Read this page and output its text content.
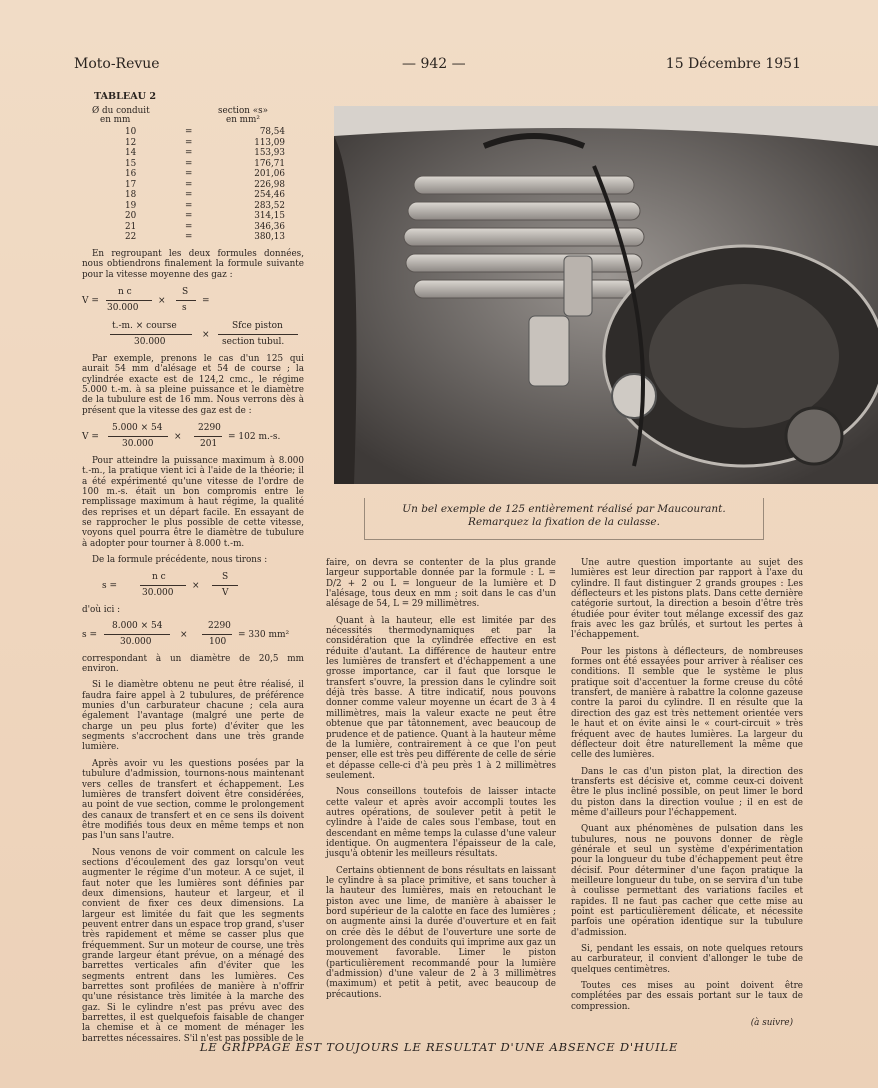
Moto-Revue	— 942 —	15 Décembre 1951
TABLEAU 2
Ø du conduit
en mm
section «s»
en mm²
10	=	78,54
12	=	113,09
14	=	153,93
15	=	176,71
16	=	201,06
17	=	226,98
18	=	254,46
19	=	283,52
20	=	314,15
21	=	346,36
22	=	380,13

En regroupant les deux formules données, nous obtiendrons finalement la formule suivante pour la vitesse moyenne des gaz :

V =
n c
30.000
×
S
s
=
t.-m. × course
30.000
×
Sfce piston
section tubul.

Par exemple, prenons le cas d'un 125 qui aurait 54 mm d'alésage et 54 de course ; la cylindrée exacte est de 124,2 cmc., le régime 5.000 t.-m. à sa pleine puissance et le diamètre de la tubulure est de 16 mm. Nous verrons dès à présent que la vitesse des gaz est de :

V =
5.000 × 54
30.000
×
2290
201
= 102 m.-s.

Pour atteindre la puissance maximum à 8.000 t.-m., la pratique vient ici à l'aide de la théorie; il a été expérimenté qu'une vitesse de l'ordre de 100 m.-s. était un bon compromis entre le remplissage maximum à haut régime, la qualité des reprises et un départ facile. En essayant de se rapprocher le plus possible de cette vitesse, voyons quel pourra être le diamètre de tubulure à adopter pour tourner à 8.000 t.-m.

De la formule précédente, nous tirons :

s =
n c
30.000
×
S
V

d'où ici :

s =
8.000 × 54
30.000
×
2290
100
= 330 mm²

correspondant à un diamètre de 20,5 mm environ.

Si le diamètre obtenu ne peut être réalisé, il faudra faire appel à 2 tubulures, de préférence munies d'un carburateur chacune ; cela aura également l'avantage (malgré une perte de charge un peu plus forte) d'éviter que les segments s'accrochent dans une très grande lumière.

Après avoir vu les questions posées par la tubulure d'admission, tournons-nous maintenant vers celles de transfert et échappement. Les lumières de transfert doivent être considérées, au point de vue section, comme le prolongement des canaux de transfert et en ce sens ils doivent être modifiés tous deux en même temps et non pas l'un sans l'autre.

Nous venons de voir comment on calcule les sections d'écoulement des gaz lorsqu'on veut augmenter le régime d'un moteur. A ce sujet, il faut noter que les lumières sont définies par deux dimensions, hauteur et largeur, et il convient de fixer ces deux dimensions. La largeur est limitée du fait que les segments peuvent entrer dans un espace trop grand, s'user très rapidement et même se casser plus que fréquemment. Sur un moteur de course, une très grande largeur étant prévue, on a ménagé des barrettes verticales afin d'éviter que les segments entrent dans les lumières. Ces barrettes sont profilées de manière à n'offrir qu'une résistance très limitée à la marche des gaz. Si le cylindre n'est pas prévu avec des barrettes, il est quelquefois faisable de changer la chemise et à ce moment de ménager les barrettes nécessaires. S'il n'est pas possible de le

Un bel exemple de 125 entièrement réalisé par Maucourant.
Remarquez la fixation de la culasse.

faire, on devra se contenter de la plus grande largeur supportable donnée par la formule : L = D/2 + 2 ou L = longueur de la lumière et D l'alésage, tous deux en mm ; soit dans le cas d'un alésage de 54, L = 29 millimètres.

Quant à la hauteur, elle est limitée par des nécessités thermodynamiques et par la considération que la cylindrée effective en est réduite d'autant. La différence de hauteur entre les lumières de transfert et d'échappement a une grosse importance, car il faut que lorsque le transfert s'ouvre, la pression dans le cylindre soit déjà très basse. A titre indicatif, nous pouvons donner comme valeur moyenne un écart de 3 à 4 millimètres, mais la valeur exacte ne peut être obtenue que par tâtonnement, avec beaucoup de prudence et de patience. Quant à la hauteur même de la lumière, contrairement à ce que l'on peut penser, elle est très peu différente de celle de série et dépasse celle-ci d'à peu près 1 à 2 millimètres seulement.

Nous conseillons toutefois de laisser intacte cette valeur et après avoir accompli toutes les autres opérations, de soulever petit à petit le cylindre à l'aide de cales sous l'embase, tout en descendant en même temps la culasse d'une valeur identique. On augmentera l'épaisseur de la cale, jusqu'à obtenir les meilleurs résultats.

Certains obtiennent de bons résultats en laissant le cylindre à sa place primitive, et sans toucher à la hauteur des lumières, mais en retouchant le piston avec une lime, de manière à abaisser le bord supérieur de la calotte en face des lumières ; on augmente ainsi la durée d'ouverture et en fait on crée dès le début de l'ouverture une sorte de prolongement des conduits qui imprime aux gaz un mouvement favorable. Limer le piston (particulièrement recommandé pour la lumière d'admission) d'une valeur de 2 à 3 millimètres (maximum) et petit à petit, avec beaucoup de précautions.

Une autre question importante au sujet des lumières est leur direction par rapport à l'axe du cylindre. Il faut distinguer 2 grands groupes : Les déflecteurs et les pistons plats. Dans cette dernière catégorie surtout, la direction a besoin d'être très étudiée pour éviter tout mélange excessif des gaz frais avec les gaz brûlés, et surtout les pertes à l'échappement.

Pour les pistons à déflecteurs, de nombreuses formes ont été essayées pour arriver à réaliser ces conditions. Il semble que le système le plus pratique soit d'accentuer la forme creuse du côté transfert, de manière à rabattre la colonne gazeuse contre la paroi du cylindre. Il en résulte que la direction des gaz est très nettement orientée vers le haut et on évite ainsi le « court-circuit » très fréquent avec de hautes lumières. La largeur du déflecteur doit être naturellement la même que celle des lumières.

Dans le cas d'un piston plat, la direction des transferts est décisive et, comme ceux-ci doivent être le plus incliné possible, on peut limer le bord du piston dans la direction voulue ; il en est de même d'ailleurs pour l'échappement.

Quant aux phénomènes de pulsation dans les tubulures, nous ne pouvons donner de règle générale et seul un système d'expérimentation pour la longueur du tube d'échappement peut être décisif. Pour déterminer d'une façon pratique la meilleure longueur du tube, on se servira d'un tube à coulisse permettant des variations faciles et rapides. Il ne faut pas cacher que cette mise au point est particulièrement délicate, et nécessite parfois une opération identique sur la tubulure d'admission.

Si, pendant les essais, on note quelques retours au carburateur, il convient d'allonger le tube de quelques centimètres.

Toutes ces mises au point doivent être complétées par des essais portant sur le taux de compression.

(à suivre)
LE GRIPPAGE EST TOUJOURS LE RESULTAT D'UNE ABSENCE D'HUILE
